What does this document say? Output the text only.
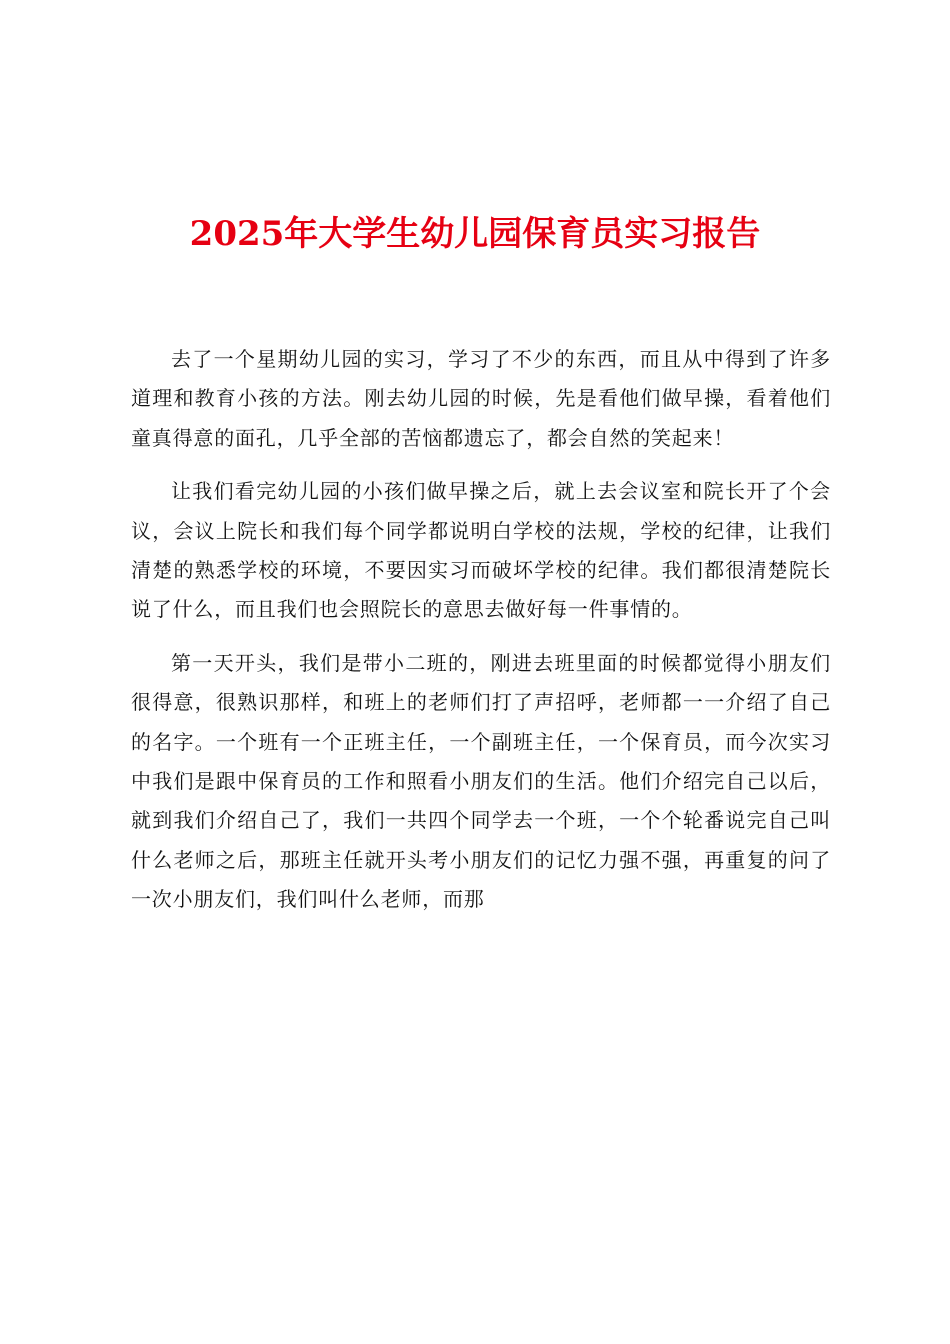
2025年大学生幼儿园保育员实习报告

去了一个星期幼儿园的实习，学习了不少的东西，而且从中得到了许多道理和教育小孩的方法。刚去幼儿园的时候，先是看他们做早操，看着他们童真得意的面孔，几乎全部的苦恼都遗忘了，都会自然的笑起来！

让我们看完幼儿园的小孩们做早操之后，就上去会议室和院长开了个会议，会议上院长和我们每个同学都说明白学校的法规，学校的纪律，让我们清楚的熟悉学校的环境，不要因实习而破坏学校的纪律。我们都很清楚院长说了什么，而且我们也会照院长的意思去做好每一件事情的。

第一天开头，我们是带小二班的，刚进去班里面的时候都觉得小朋友们很得意，很熟识那样，和班上的老师们打了声招呼，老师都一一介绍了自己的名字。一个班有一个正班主任，一个副班主任，一个保育员，而今次实习中我们是跟中保育员的工作和照看小朋友们的生活。他们介绍完自己以后，就到我们介绍自己了，我们一共四个同学去一个班，一个个轮番说完自己叫什么老师之后，那班主任就开头考小朋友们的记忆力强不强，再重复的问了一次小朋友们，我们叫什么老师，而那
